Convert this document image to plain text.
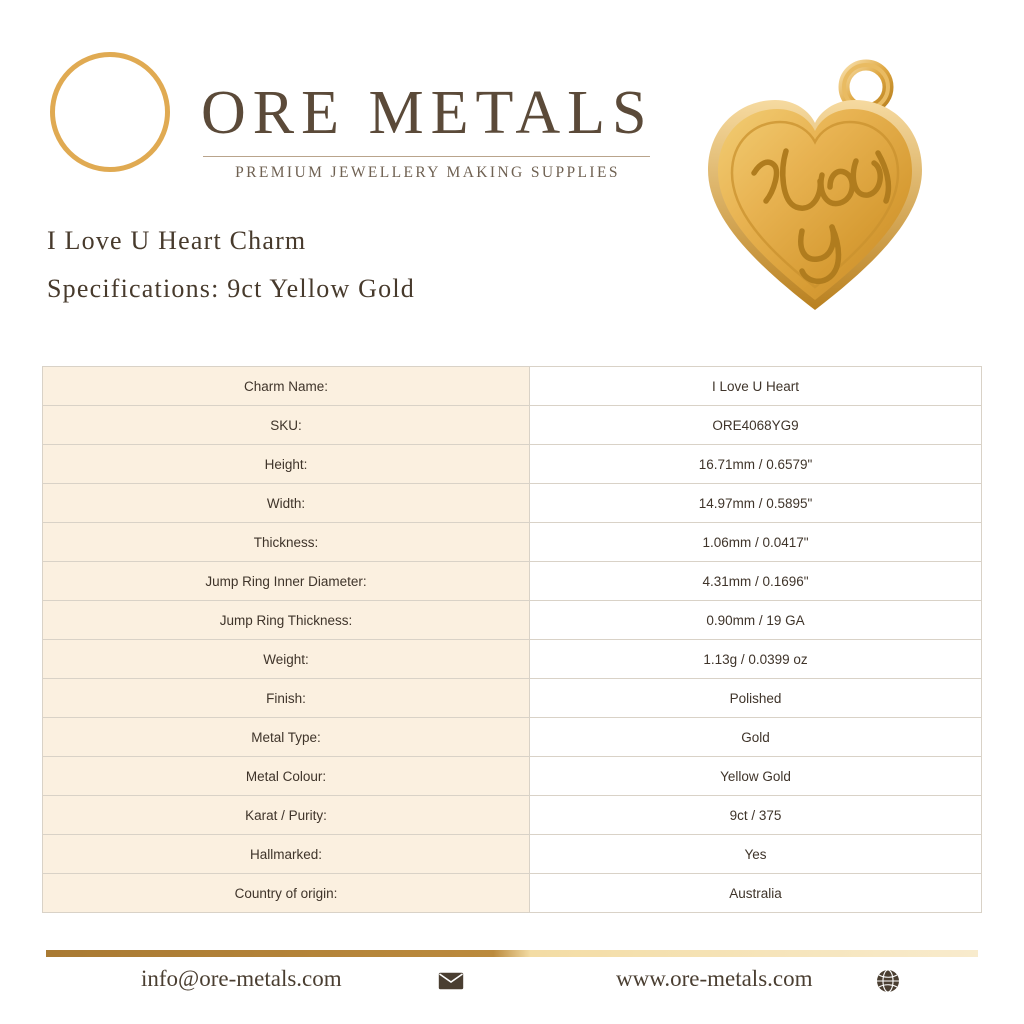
ORE METALS
PREMIUM JEWELLERY MAKING SUPPLIES
I Love U Heart Charm
Specifications: 9ct Yellow Gold
Charm Name:	I Love U Heart
SKU:	ORE4068YG9
Height:	16.71mm / 0.6579"
Width:	14.97mm / 0.5895"
Thickness:	1.06mm / 0.0417"
Jump Ring Inner Diameter:	4.31mm / 0.1696"
Jump Ring Thickness:	0.90mm / 19 GA
Weight:	1.13g / 0.0399 oz
Finish:	Polished
Metal Type:	Gold
Metal Colour:	Yellow Gold
Karat / Purity:	9ct / 375
Hallmarked:	Yes
Country of origin:	Australia
info@ore-metals.com	www.ore-metals.com
